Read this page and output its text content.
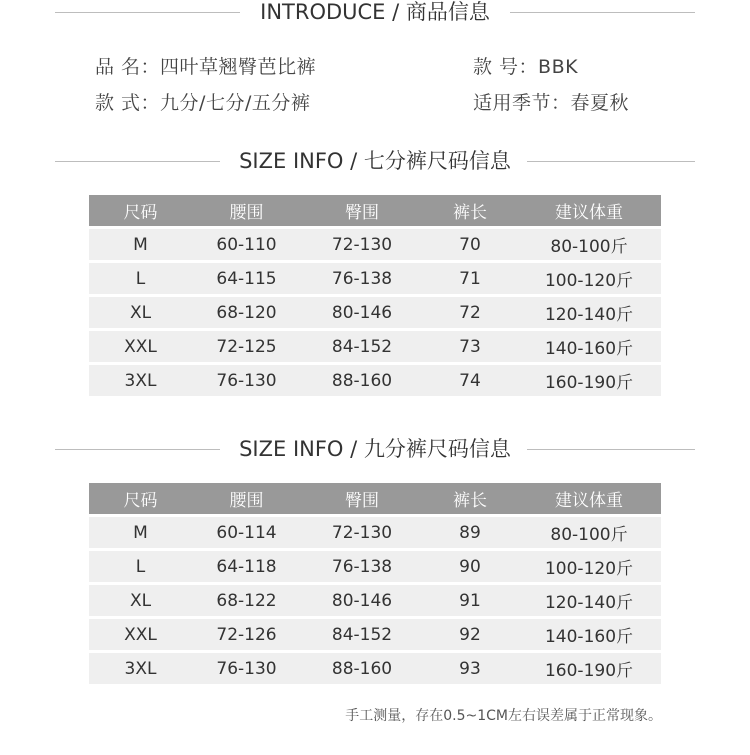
INTRODUCE / 商品信息
品 名：四叶草翘臀芭比裤	款 号：BBK
款 式：九分/七分/五分裤	适用季节：春夏秋
SIZE INFO / 七分裤尺码信息
尺码	腰围	臀围	裤长	建议体重
M	60-110	72-130	70	80-100斤
L	64-115	76-138	71	100-120斤
XL	68-120	80-146	72	120-140斤
XXL	72-125	84-152	73	140-160斤
3XL	76-130	88-160	74	160-190斤
SIZE INFO / 九分裤尺码信息
尺码	腰围	臀围	裤长	建议体重
M	60-114	72-130	89	80-100斤
L	64-118	76-138	90	100-120斤
XL	68-122	80-146	91	120-140斤
XXL	72-126	84-152	92	140-160斤
3XL	76-130	88-160	93	160-190斤
手工测量，存在0.5~1CM左右误差属于正常现象。
